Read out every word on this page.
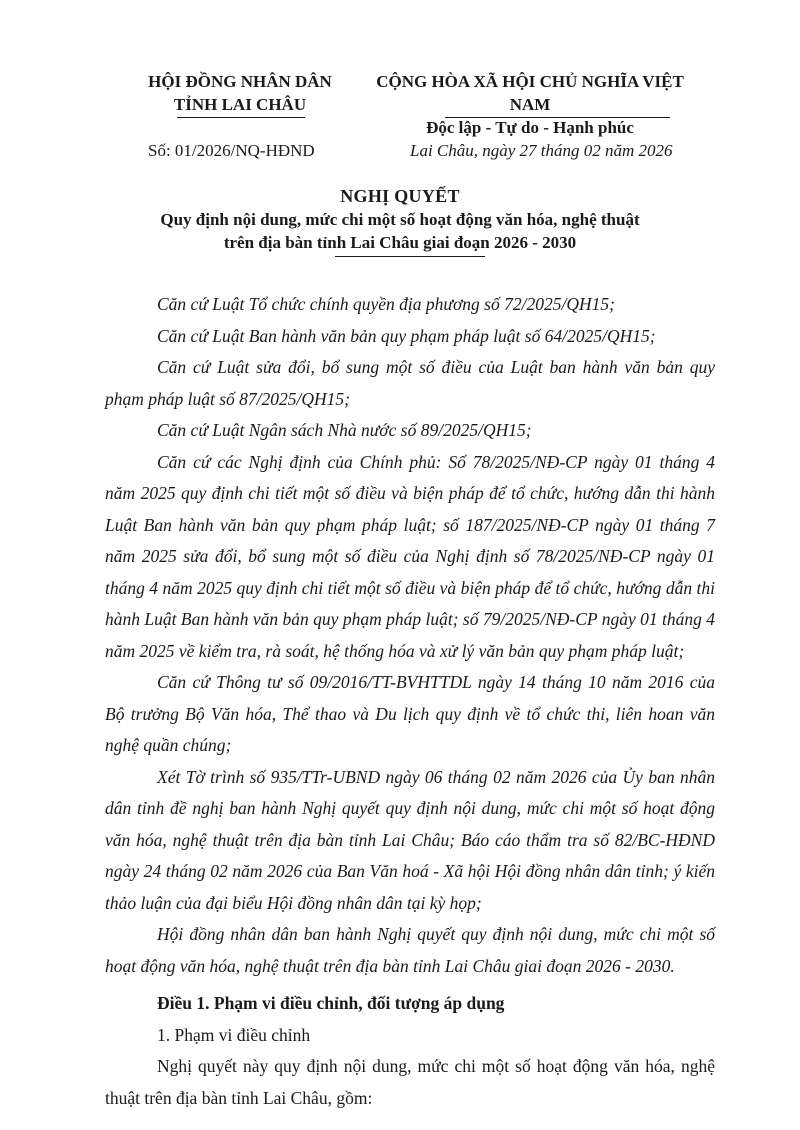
HỘI ĐỒNG NHÂN DÂN
TỈNH LAI CHÂU
CỘNG HÒA XÃ HỘI CHỦ NGHĨA VIỆT NAM
Độc lập - Tự do - Hạnh phúc
Số: 01/2026/NQ-HĐND	Lai Châu, ngày 27 tháng 02 năm 2026
NGHỊ QUYẾT
Quy định nội dung, mức chi một số hoạt động văn hóa, nghệ thuật
trên địa bàn tỉnh Lai Châu giai đoạn 2026 - 2030

Căn cứ Luật Tổ chức chính quyền địa phương số 72/2025/QH15;

Căn cứ Luật Ban hành văn bản quy phạm pháp luật số 64/2025/QH15;

Căn cứ Luật sửa đổi, bổ sung một số điều của Luật ban hành văn bản quy phạm pháp luật số 87/2025/QH15;

Căn cứ Luật Ngân sách Nhà nước số 89/2025/QH15;

Căn cứ các Nghị định của Chính phủ: Số 78/2025/NĐ-CP ngày 01 tháng 4 năm 2025 quy định chi tiết một số điều và biện pháp để tổ chức, hướng dẫn thi hành Luật Ban hành văn bản quy phạm pháp luật; số 187/2025/NĐ-CP ngày 01 tháng 7 năm 2025 sửa đổi, bổ sung một số điều của Nghị định số 78/2025/NĐ-CP ngày 01 tháng 4 năm 2025 quy định chi tiết một số điều và biện pháp để tổ chức, hướng dẫn thi hành Luật Ban hành văn bản quy phạm pháp luật; số 79/2025/NĐ-CP ngày 01 tháng 4 năm 2025 về kiểm tra, rà soát, hệ thống hóa và xử lý văn bản quy phạm pháp luật;

Căn cứ Thông tư số 09/2016/TT-BVHTTDL ngày 14 tháng 10 năm 2016 của Bộ trưởng Bộ Văn hóa, Thể thao và Du lịch quy định về tổ chức thi, liên hoan văn nghệ quần chúng;

Xét Tờ trình số 935/TTr-UBND ngày 06 tháng 02 năm 2026 của Ủy ban nhân dân tỉnh đề nghị ban hành Nghị quyết quy định nội dung, mức chi một số hoạt động văn hóa, nghệ thuật trên địa bàn tỉnh Lai Châu; Báo cáo thẩm tra số 82/BC-HĐND ngày 24 tháng 02 năm 2026 của Ban Văn hoá - Xã hội Hội đồng nhân dân tỉnh; ý kiến thảo luận của đại biểu Hội đồng nhân dân tại kỳ họp;

Hội đồng nhân dân ban hành Nghị quyết quy định nội dung, mức chi một số hoạt động văn hóa, nghệ thuật trên địa bàn tỉnh Lai Châu giai đoạn 2026 - 2030.

Điều 1. Phạm vi điều chỉnh, đối tượng áp dụng

1. Phạm vi điều chỉnh

Nghị quyết này quy định nội dung, mức chi một số hoạt động văn hóa, nghệ thuật trên địa bàn tỉnh Lai Châu, gồm:
